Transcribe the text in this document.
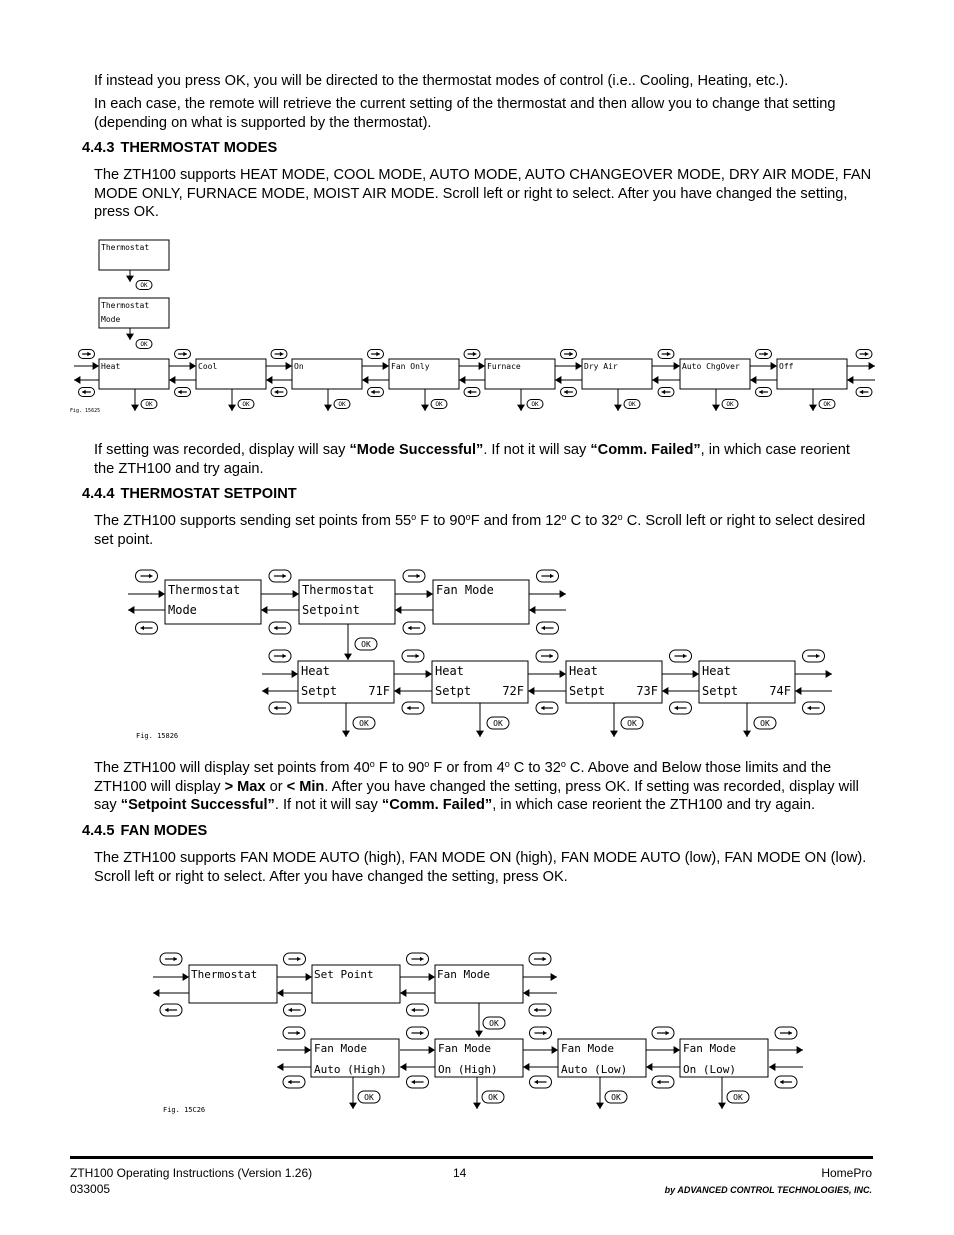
If instead you press OK, you will be directed to the thermostat modes of control (i.e.. Cooling, Heating, etc.).
In each case, the remote will retrieve the current setting of the thermostat and then allow you to change that setting (depending on what is supported by the thermostat).
4.4.3 THERMOSTAT MODES
The ZTH100 supports HEAT MODE, COOL MODE, AUTO MODE, AUTO CHANGEOVER MODE, DRY AIR MODE, FAN MODE ONLY, FURNACE MODE, MOIST AIR MODE. Scroll left or right to select. After you have changed the setting, press OK.
Thermostat
OK
Thermostat
Mode
OK
Heat
OK
Cool
OK
On
OK
Fan Only
OK
Furnace
OK
Dry Air
OK
Auto ChgOver
OK
Off
OK
Fig. 15625
If setting was recorded, display will say “Mode Successful”. If not it will say “Comm. Failed”, in which case reorient the ZTH100 and try again.
4.4.4 THERMOSTAT SETPOINT
The ZTH100 supports sending set points from 55$^o$ F to 90$^o$F and from 12$^o$ C to 32$^o$ C. Scroll left or right to select desired set point.
Thermostat
Mode
Thermostat
Setpoint
Fan Mode
OK
Heat
Setpt	71F
OK
Heat
Setpt	72F
OK
Heat
Setpt	73F
OK
Heat
Setpt	74F
OK
Fig. 15826
The ZTH100 will display set points from 40$^o$ F to 90$^o$ F or from 4$^o$ C to 32$^o$ C. Above and Below those limits and the ZTH100 will display > Max or < Min. After you have changed the setting, press OK. If setting was recorded, display will say “Setpoint Successful”. If not it will say “Comm. Failed”, in which case reorient the ZTH100 and try again.
4.4.5 FAN MODES
The ZTH100 supports FAN MODE AUTO (high), FAN MODE ON (high), FAN MODE AUTO (low), FAN MODE ON (low). Scroll left or right to select. After you have changed the setting, press OK.
Thermostat	Set Point	Fan Mode
OK
Fan Mode
Auto (High)
OK
Fan Mode
On (High)
OK
Fan Mode
Auto (Low)
OK
Fan Mode
On (Low)
OK
Fig. 15C26
ZTH100 Operating Instructions (Version 1.26)
033005
14	HomePro
by ADVANCED CONTROL TECHNOLOGIES, INC.
